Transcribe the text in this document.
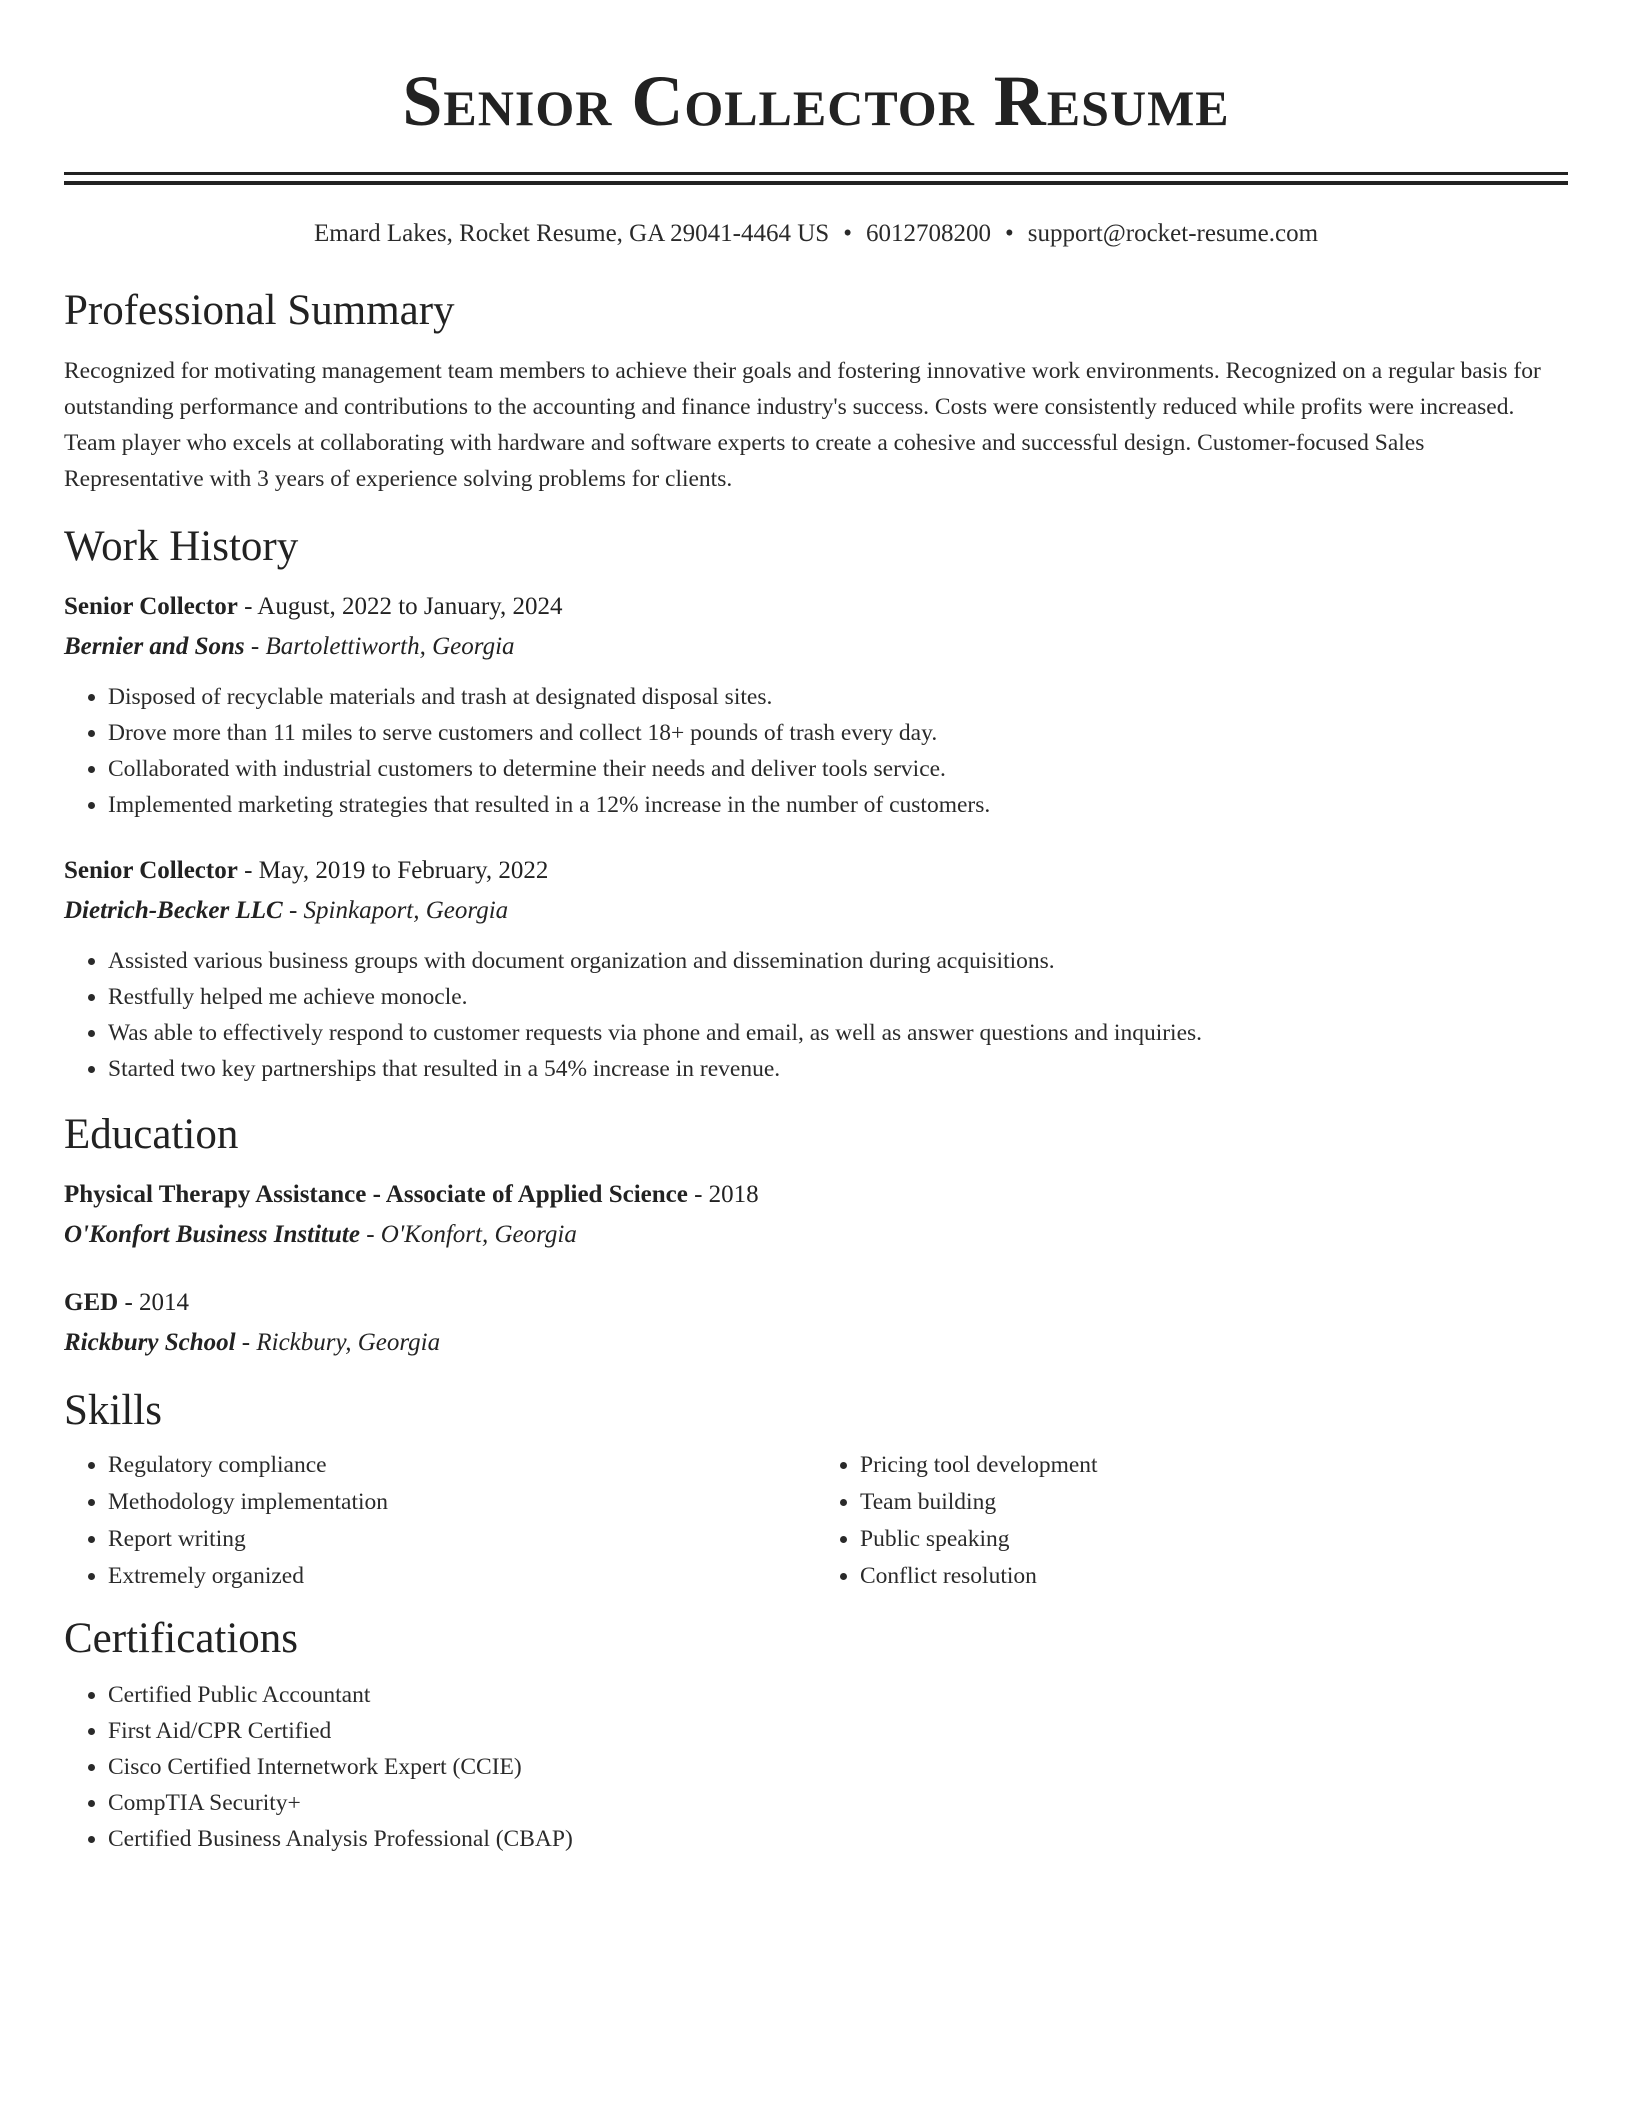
Senior Collector Resume
Emard Lakes, Rocket Resume, GA 29041-4464 US • 6012708200 • support@rocket-resume.com
Professional Summary
Recognized for motivating management team members to achieve their goals and fostering innovative work environments. Recognized on a regular basis for outstanding performance and contributions to the accounting and finance industry's success. Costs were consistently reduced while profits were increased. Team player who excels at collaborating with hardware and software experts to create a cohesive and successful design. Customer-focused Sales Representative with 3 years of experience solving problems for clients.
Work History
Senior Collector - August, 2022 to January, 2024
Bernier and Sons - Bartolettiworth, Georgia
• Disposed of recyclable materials and trash at designated disposal sites.
• Drove more than 11 miles to serve customers and collect 18+ pounds of trash every day.
• Collaborated with industrial customers to determine their needs and deliver tools service.
• Implemented marketing strategies that resulted in a 12% increase in the number of customers.
Senior Collector - May, 2019 to February, 2022
Dietrich-Becker LLC - Spinkaport, Georgia
• Assisted various business groups with document organization and dissemination during acquisitions.
• Restfully helped me achieve monocle.
• Was able to effectively respond to customer requests via phone and email, as well as answer questions and inquiries.
• Started two key partnerships that resulted in a 54% increase in revenue.
Education
Physical Therapy Assistance - Associate of Applied Science - 2018
O'Konfort Business Institute - O'Konfort, Georgia
GED - 2014
Rickbury School - Rickbury, Georgia
Skills
• Regulatory compliance
• Methodology implementation
• Report writing
• Extremely organized
• Pricing tool development
• Team building
• Public speaking
• Conflict resolution
Certifications
• Certified Public Accountant
• First Aid/CPR Certified
• Cisco Certified Internetwork Expert (CCIE)
• CompTIA Security+
• Certified Business Analysis Professional (CBAP)
